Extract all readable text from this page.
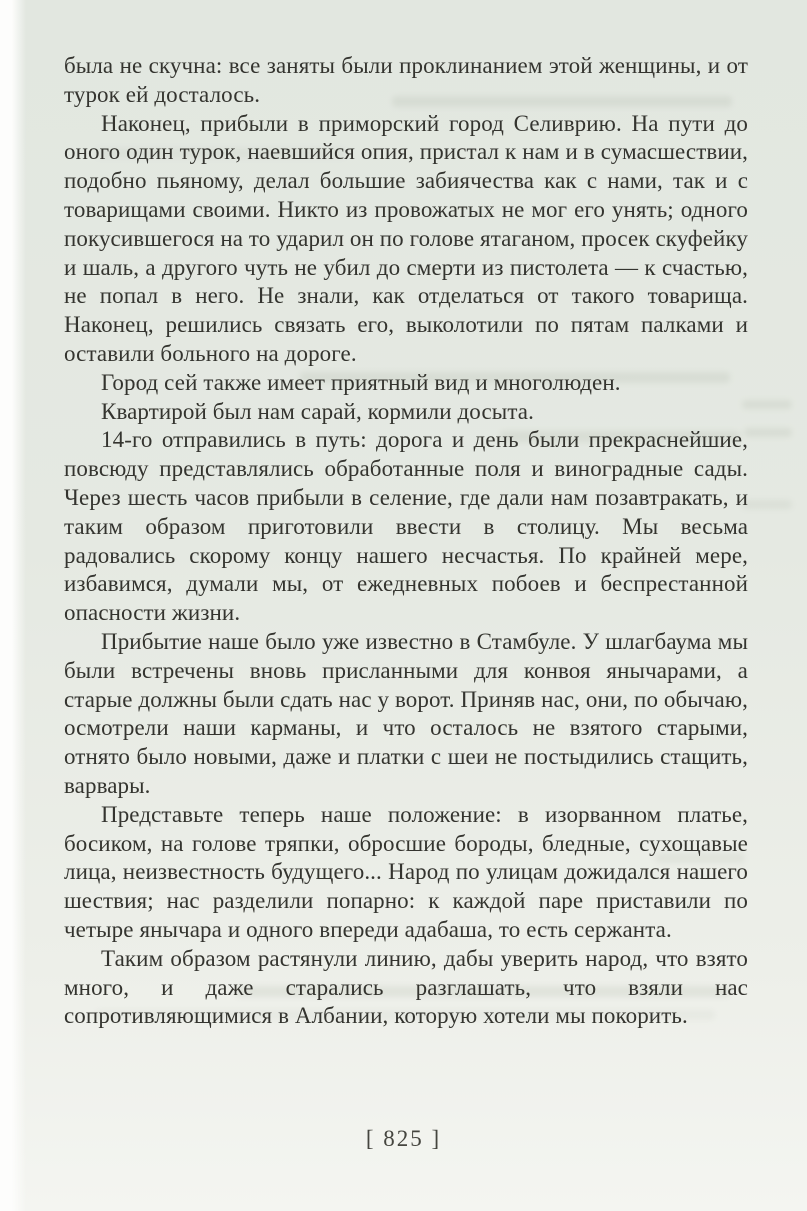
была не скучна: все заняты были проклинанием этой женщины, и от турок ей досталось.

Наконец, прибыли в приморский город Селиврию. На пути до оного один турок, наевшийся опия, пристал к нам и в сумасшествии, подобно пьяному, делал большие забиячества как с нами, так и с товарищами своими. Никто из провожатых не мог его унять; одного покусившегося на то ударил он по голове ятаганом, просек скуфейку и шаль, а другого чуть не убил до смерти из пистолета — к счастью, не попал в него. Не знали, как отделаться от такого товарища. Наконец, решились связать его, выколотили по пятам палками и оставили больного на дороге.

Город сей также имеет приятный вид и многолюден.

Квартирой был нам сарай, кормили досыта.

14-го отправились в путь: дорога и день были прекраснейшие, повсюду представлялись обработанные поля и виноградные сады. Через шесть часов прибыли в селение, где дали нам позавтракать, и таким образом приготовили ввести в столицу. Мы весьма радовались скорому концу нашего несчастья. По крайней мере, избавимся, думали мы, от ежедневных побоев и беспрестанной опасности жизни.

Прибытие наше было уже известно в Стамбуле. У шлагбаума мы были встречены вновь присланными для конвоя янычарами, а старые должны были сдать нас у ворот. Приняв нас, они, по обычаю, осмотрели наши карманы, и что осталось не взятого старыми, отнято было новыми, даже и платки с шеи не постыдились стащить, варвары.

Представьте теперь наше положение: в изорванном платье, босиком, на голове тряпки, обросшие бороды, бледные, сухощавые лица, неизвестность будущего... Народ по улицам дожидался нашего шествия; нас разделили попарно: к каждой паре приставили по четыре янычара и одного впереди адабаша, то есть сержанта.

Таким образом растянули линию, дабы уверить народ, что взято много, и даже старались разглашать, что взяли нас сопротивляющимися в Албании, которую хотели мы покорить.

[ 825 ]
